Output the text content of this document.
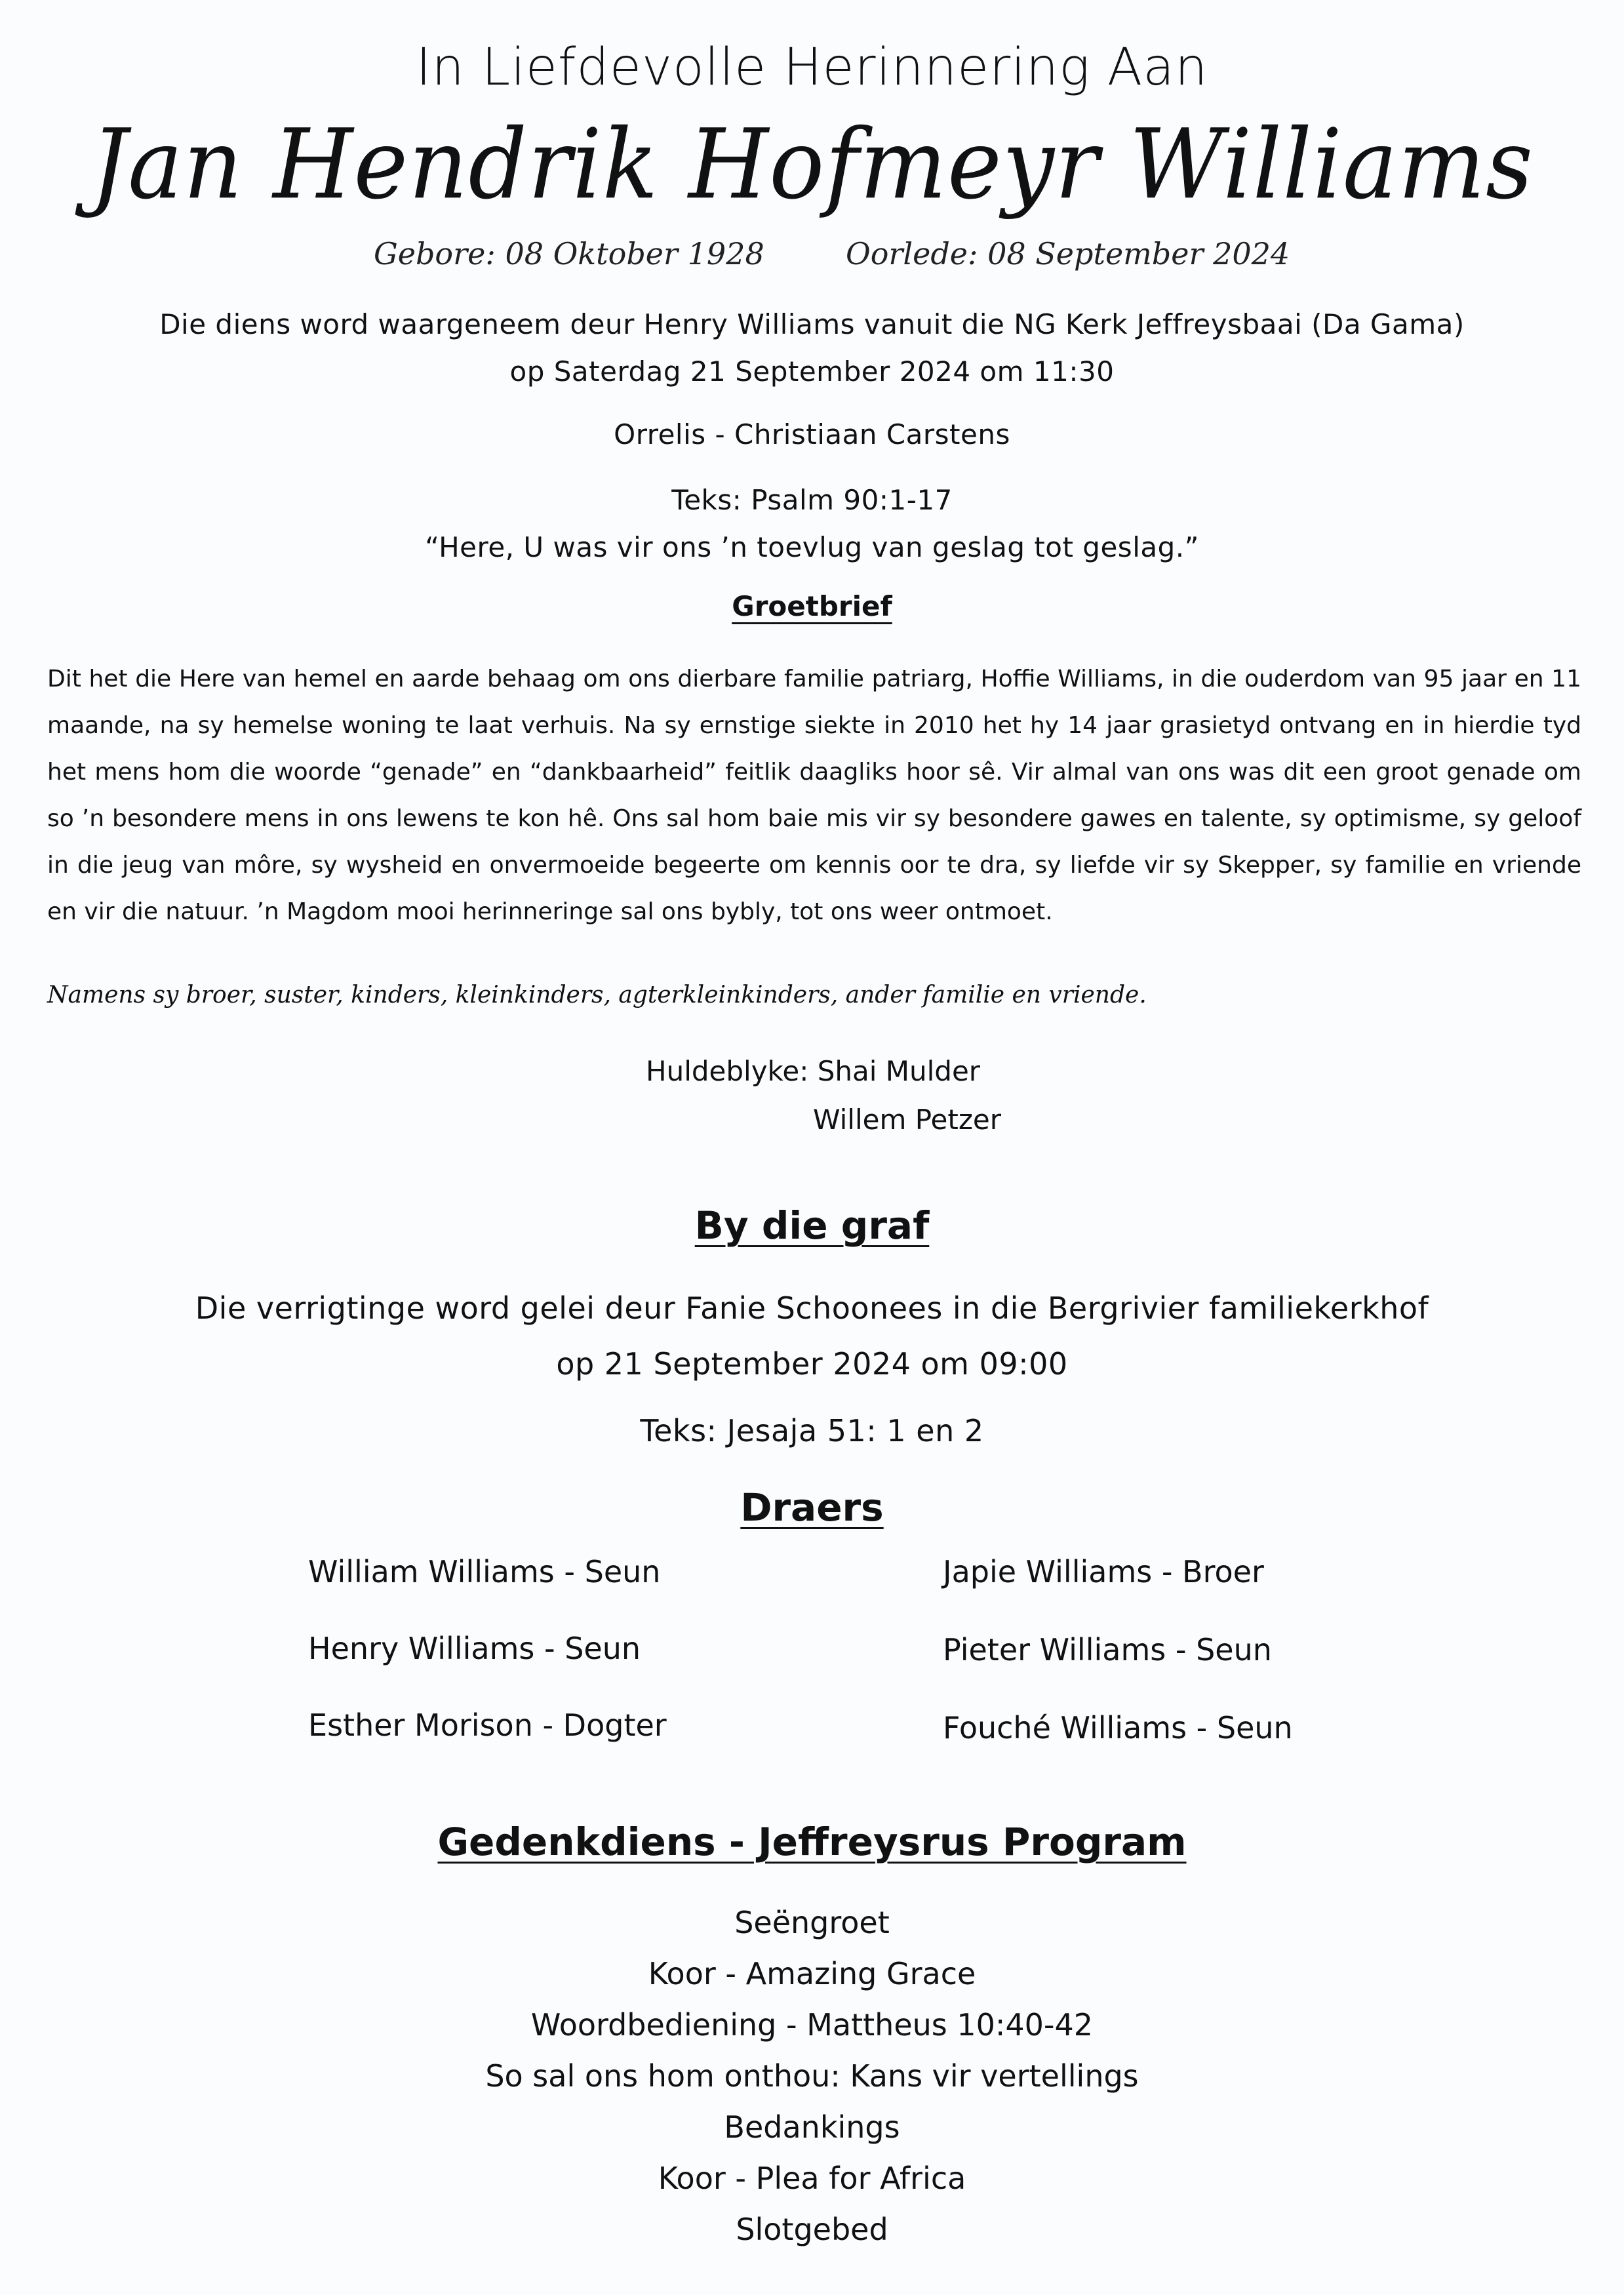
In Liefdevolle Herinnering Aan
Jan Hendrik Hofmeyr Williams
Gebore: 08 Oktober 1928	Oorlede: 08 September 2024
Die diens word waargeneem deur Henry Williams vanuit die NG Kerk Jeffreysbaai (Da Gama)
op Saterdag 21 September 2024 om 11:30
Orrelis - Christiaan Carstens
Teks: Psalm 90:1-17
“Here, U was vir ons ’n toevlug van geslag tot geslag.”
Groetbrief
Dit het die Here van hemel en aarde behaag om ons dierbare familie patriarg, Hoffie Williams, in die ouderdom van 95 jaar en 11 maande, na sy hemelse woning te laat verhuis. Na sy ernstige siekte in 2010 het hy 14 jaar grasietyd ontvang en in hierdie tyd het mens hom die woorde “genade” en “dankbaarheid” feitlik daagliks hoor sê. Vir almal van ons was dit een groot genade om so ’n besondere mens in ons lewens te kon hê. Ons sal hom baie mis vir sy besondere gawes en talente, sy optimisme, sy geloof in die jeug van môre, sy wysheid en onvermoeide begeerte om kennis oor te dra, sy liefde vir sy Skepper, sy familie en vriende en vir die natuur. ’n Magdom mooi herinneringe sal ons bybly, tot ons weer ontmoet.
Namens sy broer, suster, kinders, kleinkinders, agterkleinkinders, ander familie en vriende.
Huldeblyke: Shai Mulder
Willem Petzer
By die graf
Die verrigtinge word gelei deur Fanie Schoonees in die Bergrivier familiekerkhof
op 21 September 2024 om 09:00
Teks: Jesaja 51: 1 en 2
Draers
William Williams - Seun
Henry Williams - Seun
Esther Morison - Dogter
Japie Williams - Broer
Pieter Williams - Seun
Fouché Williams - Seun
Gedenkdiens - Jeffreysrus Program
Seëngroet
Koor - Amazing Grace
Woordbediening - Mattheus 10:40-42
So sal ons hom onthou: Kans vir vertellings
Bedankings
Koor - Plea for Africa
Slotgebed
